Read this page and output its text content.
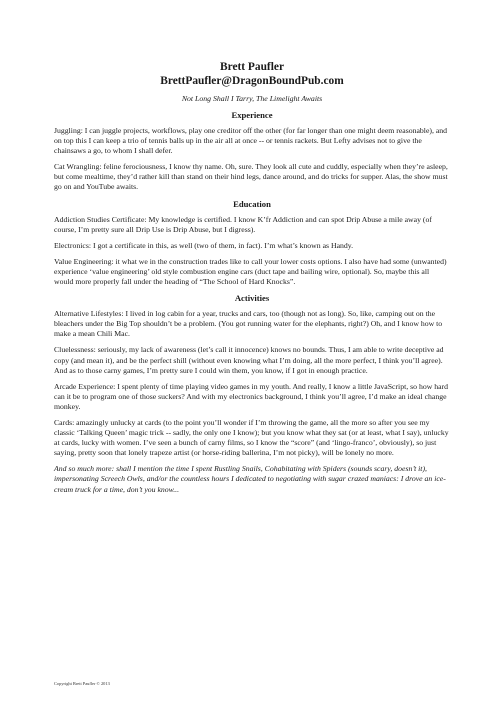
Brett Paufler
BrettPaufler@DragonBoundPub.com
Not Long Shall I Tarry, The Limelight Awaits
Experience

Juggling: I can juggle projects, workflows, play one creditor off the other (for far longer than one might deem reasonable), and on top this I can keep a trio of tennis balls up in the air all at once -- or tennis rackets. But Lefty advises not to give the chainsaws a go, to whom I shall defer.

Cat Wrangling: feline ferociousness, I know thy name. Oh, sure. They look all cute and cuddly, especially when they’re asleep, but come mealtime, they’d rather kill than stand on their hind legs, dance around, and do tricks for supper. Alas, the show must go on and YouTube awaits.

Education

Addiction Studies Certificate: My knowledge is certified. I know K’fr Addiction and can spot Drip Abuse a mile away (of course, I’m pretty sure all Drip Use is Drip Abuse, but I digress).

Electronics: I got a certificate in this, as well (two of them, in fact). I’m what’s known as Handy.

Value Engineering: it what we in the construction trades like to call your lower costs options. I also have had some (unwanted) experience ‘value engineering’ old style combustion engine cars (duct tape and bailing wire, optional). So, maybe this all would more properly fall under the heading of “The School of Hard Knocks”.

Activities

Alternative Lifestyles: I lived in log cabin for a year, trucks and cars, too (though not as long). So, like, camping out on the bleachers under the Big Top shouldn’t be a problem. (You got running water for the elephants, right?) Oh, and I know how to make a mean Chili Mac.

Cluelessness: seriously, my lack of awareness (let’s call it innocence) knows no bounds. Thus, I am able to write deceptive ad copy (and mean it), and be the perfect shill (without even knowing what I’m doing, all the more perfect, I think you’ll agree). And as to those carny games, I’m pretty sure I could win them, you know, if I got in enough practice.

Arcade Experience: I spent plenty of time playing video games in my youth. And really, I know a little JavaScript, so how hard can it be to program one of those suckers? And with my electronics background, I think you’ll agree, I’d make an ideal change monkey.

Cards: amazingly unlucky at cards (to the point you’ll wonder if I’m throwing the game, all the more so after you see my classic ‘Talking Queen’ magic trick -- sadly, the only one I know); but you know what they sat (or at least, what I say), unlucky at cards, lucky with women. I’ve seen a bunch of carny films, so I know the “score” (and ‘lingo-franco’, obviously), so just saying, pretty soon that lonely trapeze artist (or horse-riding ballerina, I’m not picky), will be lonely no more.

And so much more: shall I mention the time I spent Rustling Snails, Cohabitating with Spiders (sounds scary, doesn’t it), impersonating Screech Owls, and/or the countless hours I dedicated to negotiating with sugar crazed maniacs: I drove an ice-cream truck for a time, don’t you know...

Copyright Brett Paufler © 2013
